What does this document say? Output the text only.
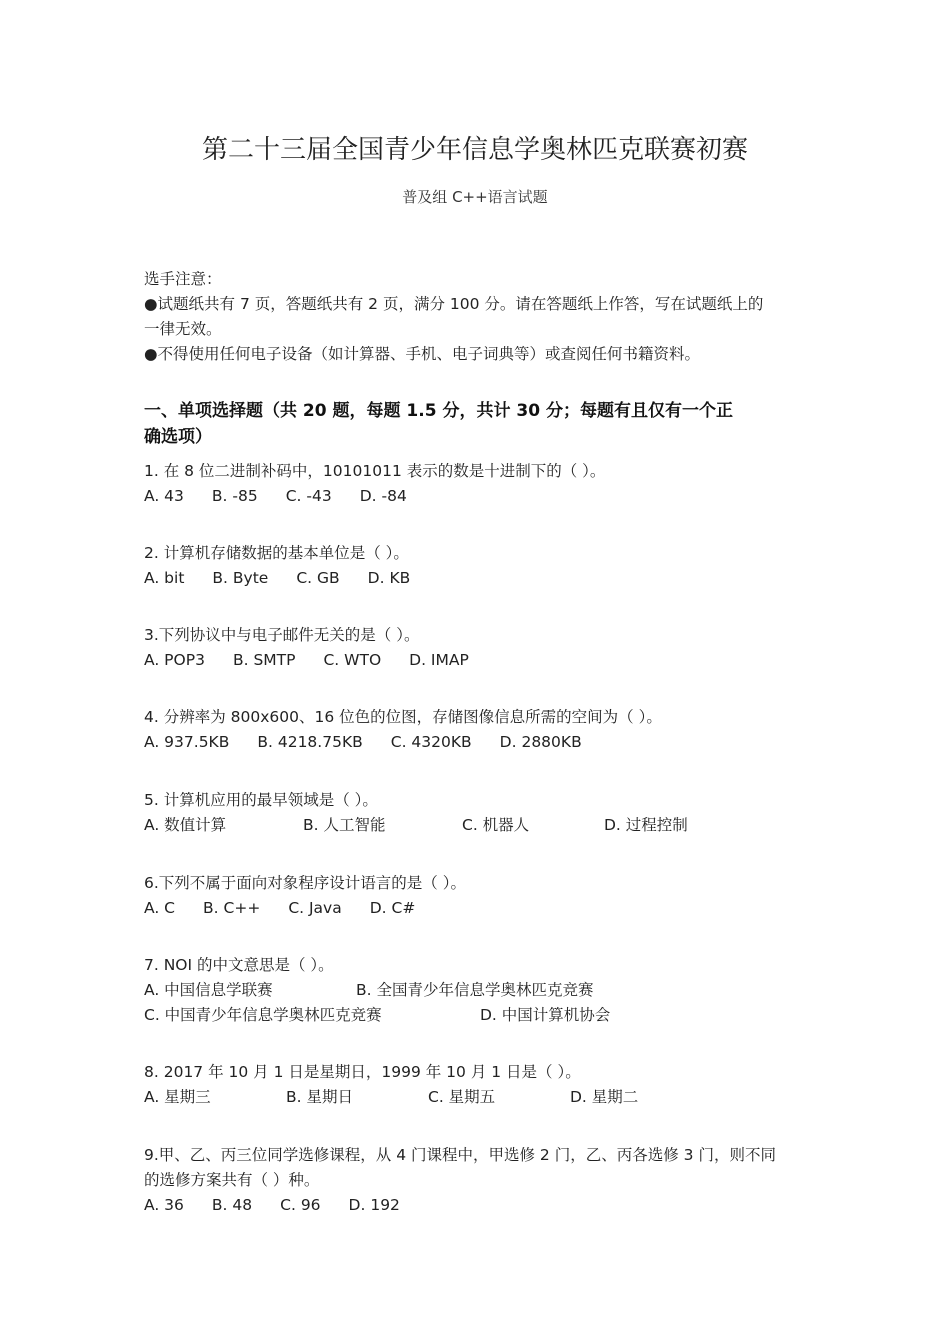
第二十三届全国青少年信息学奥林匹克联赛初赛
普及组 C++语言试题
选手注意：
●试题纸共有 7 页，答题纸共有 2 页，满分 100 分。请在答题纸上作答，写在试题纸上的
一律无效。
●不得使用任何电子设备（如计算器、手机、电子词典等）或查阅任何书籍资料。
一、单项选择题（共 20 题，每题 1.5 分，共计 30 分；每题有且仅有一个正
确选项）
1. 在 8 位二进制补码中，10101011 表示的数是十进制下的（ ）。
A. 43 B. -85 C. -43 D. -84
2. 计算机存储数据的基本单位是（ ）。
A. bit B. Byte C. GB D. KB
3.下列协议中与电子邮件无关的是（ ）。
A. POP3 B. SMTP C. WTO D. IMAP
4. 分辨率为 800x600、16 位色的位图，存储图像信息所需的空间为（ ）。
A. 937.5KB B. 4218.75KB C. 4320KB D. 2880KB
5. 计算机应用的最早领域是（ ）。
A. 数值计算	B. 人工智能	C. 机器人	D. 过程控制
6.下列不属于面向对象程序设计语言的是（ ）。
A. C B. C++ C. Java D. C#
7. NOI 的中文意思是（ ）。
A. 中国信息学联赛	B. 全国青少年信息学奥林匹克竞赛
C. 中国青少年信息学奥林匹克竞赛	D. 中国计算机协会
8. 2017 年 10 月 1 日是星期日，1999 年 10 月 1 日是（ ）。
A. 星期三	B. 星期日	C. 星期五	D. 星期二
9.甲、乙、丙三位同学选修课程，从 4 门课程中，甲选修 2 门，乙、丙各选修 3 门，则不同
的选修方案共有（ ）种。
A. 36 B. 48 C. 96 D. 192
